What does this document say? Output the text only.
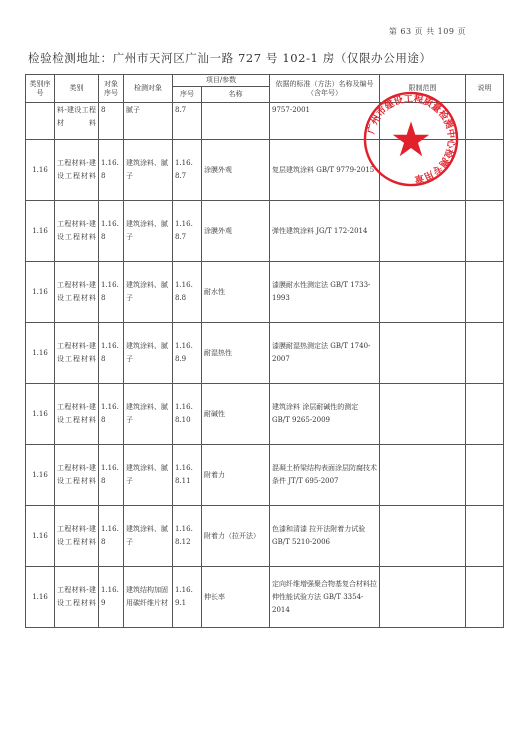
第 63 页 共 109 页
检验检测地址：广州市天河区广汕一路 727 号 102-1 房（仅限办公用途）
类别序号	类别	对象序号	检测对象	项目/参数		依据的标准（方法）名称及编号（含年号）	限制范围	说明
				序号	名称			
	料-建设工程材料	8	腻子	8.7		9757-2001		
1.16	工程材料-建设工程材料	1.16.8	建筑涂料、腻子	1.16.8.7	涂膜外观	复层建筑涂料 GB/T 9779-2015		
1.16	工程材料-建设工程材料	1.16.8	建筑涂料、腻子	1.16.8.7	涂膜外观	弹性建筑涂料 JG/T 172-2014		
1.16	工程材料-建设工程材料	1.16.8	建筑涂料、腻子	1.16.8.8	耐水性	漆膜耐水性测定法 GB/T 1733-1993		
1.16	工程材料-建设工程材料	1.16.8	建筑涂料、腻子	1.16.8.9	耐湿热性	漆膜耐湿热测定法 GB/T 1740-2007		
1.16	工程材料-建设工程材料	1.16.8	建筑涂料、腻子	1.16.8.10	耐碱性	建筑涂料 涂层耐碱性的测定 GB/T 9265-2009		
1.16	工程材料-建设工程材料	1.16.8	建筑涂料、腻子	1.16.8.11	附着力	混凝土桥梁结构表面涂层防腐技术条件 JT/T 695-2007		
1.16	工程材料-建设工程材料	1.16.8	建筑涂料、腻子	1.16.8.12	附着力（拉开法）	色漆和清漆 拉开法附着力试验 GB/T 5210-2006		
1.16	工程材料-建设工程材料	1.16.9	建筑结构加固用碳纤维片材	1.16.9.1	伸长率	定向纤维增强聚合物基复合材料拉伸性能试验方法 GB/T 3354-2014		
广州市建设工程质量检测中心检测专用章
